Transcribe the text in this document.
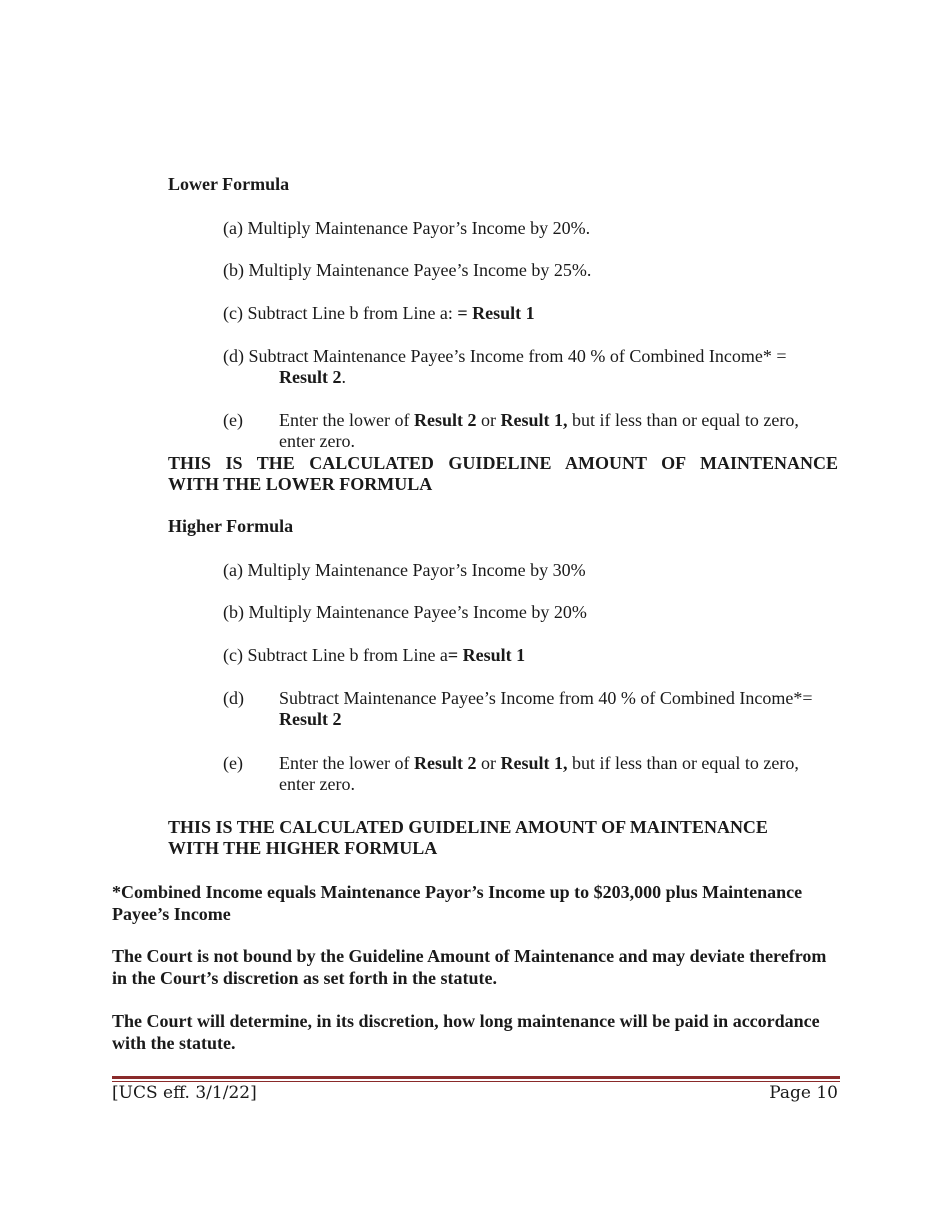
Lower Formula
(a) Multiply Maintenance Payor’s Income by 20%.
(b) Multiply Maintenance Payee’s Income by 25%.
(c) Subtract Line b from Line a: = Result 1
(d) Subtract Maintenance Payee’s Income from 40 % of Combined Income* =
Result 2.
(e) Enter the lower of Result 2 or Result 1, but if less than or equal to zero,
enter zero.
THIS IS THE CALCULATED GUIDELINE AMOUNT OF MAINTENANCE
WITH THE LOWER FORMULA
Higher Formula
(a) Multiply Maintenance Payor’s Income by 30%
(b) Multiply Maintenance Payee’s Income by 20%
(c) Subtract Line b from Line a= Result 1
(d) Subtract Maintenance Payee’s Income from 40 % of Combined Income*=
Result 2
(e) Enter the lower of Result 2 or Result 1, but if less than or equal to zero,
enter zero.
THIS IS THE CALCULATED GUIDELINE AMOUNT OF MAINTENANCE
WITH THE HIGHER FORMULA
*Combined Income equals Maintenance Payor’s Income up to $203,000 plus Maintenance Payee’s Income
The Court is not bound by the Guideline Amount of Maintenance and may deviate therefrom in the Court’s discretion as set forth in the statute.
The Court will determine, in its discretion, how long maintenance will be paid in accordance with the statute.
[UCS eff. 3/1/22]	Page 10
